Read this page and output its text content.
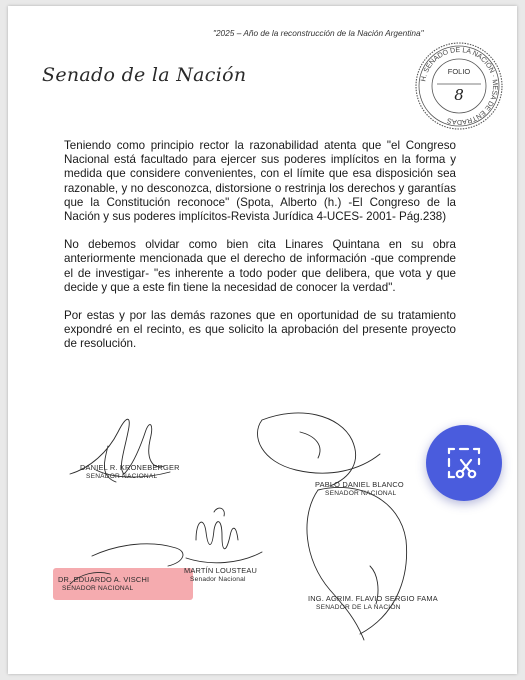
"2025 – Año de la reconstrucción de la Nación Argentina"
Senado de la Nación	H. SENADO DE LA NACIÓN · MESA DE ENTRADAS
FOLIO
8

Teniendo como principio rector la razonabilidad atenta que "el Congreso Nacional está facultado para ejercer sus poderes implícitos en la forma y medida que considere convenientes, con el límite que esa disposición sea razonable, y no desconozca, distorsione o restrinja los derechos y garantías que la Constitución reconoce" (Spota, Alberto (h.) -El Congreso de la Nación y sus poderes implícitos-Revista Jurídica 4-UCES- 2001- Pág.238)

No debemos olvidar como bien cita Linares Quintana en su obra anteriormente mencionada que el derecho de información -que comprende el de investigar- "es inherente a todo poder que delibera, que vota y que decide y que a este fin tiene la necesidad de conocer la verdad".

Por estas y por las demás razones que en oportunidad de su tratamiento expondré en el recinto, es que solicito la aprobación del presente proyecto de resolución.

DANIEL R. KRONEBERGER
SENADOR NACIONAL
PABLO DANIEL BLANCO
SENADOR NACIONAL
MARTÍN LOUSTEAU
Senador Nacional
DR. EDUARDO A. VISCHI
SENADOR NACIONAL
ING. AGRIM. FLAVIO SERGIO FAMA
SENADOR DE LA NACIÓN
